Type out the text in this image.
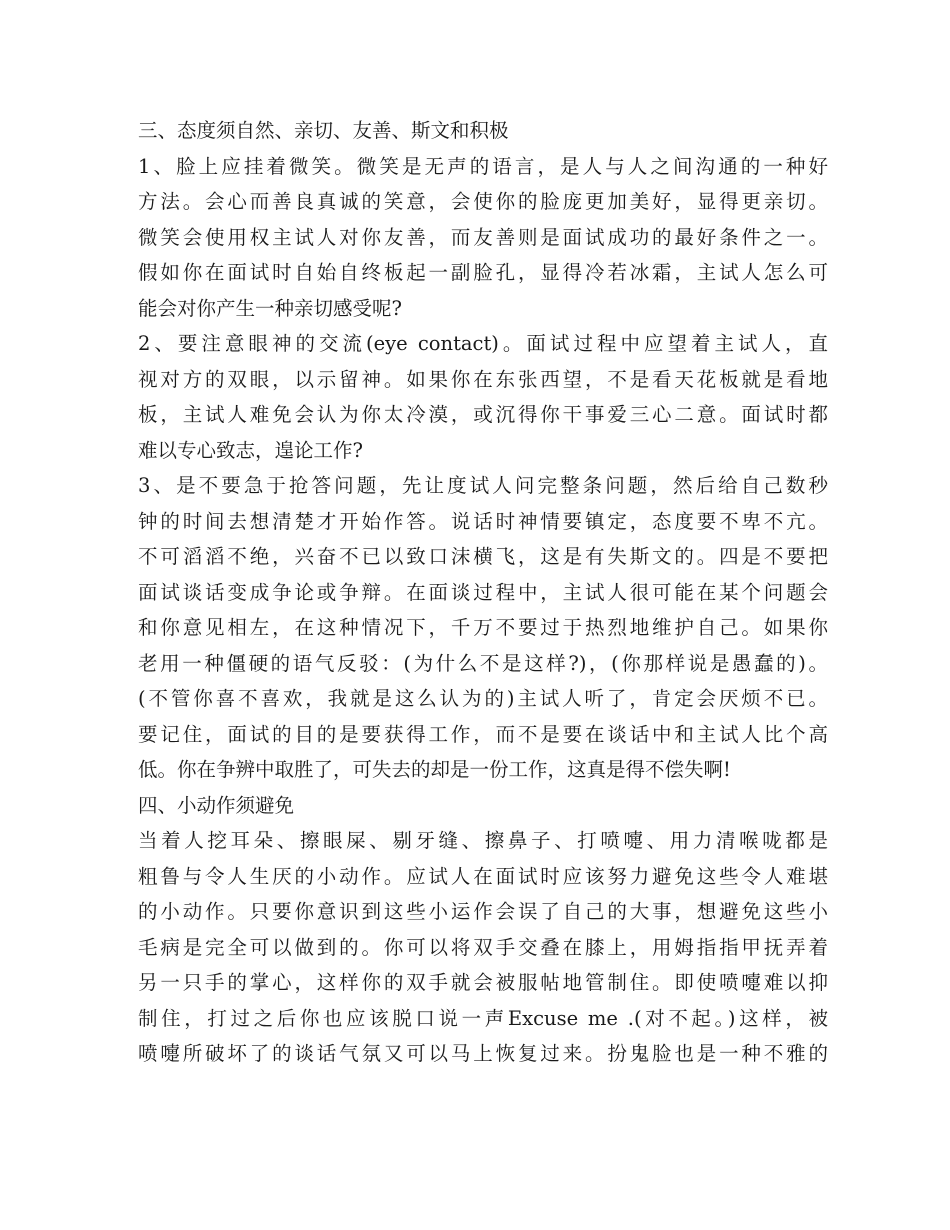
三、态度须自然、亲切、友善、斯文和积极
1、脸上应挂着微笑。微笑是无声的语言，是人与人之间沟通的一种好
方法。会心而善良真诚的笑意，会使你的脸庞更加美好，显得更亲切。
微笑会使用权主试人对你友善，而友善则是面试成功的最好条件之一。
假如你在面试时自始自终板起一副脸孔，显得冷若冰霜，主试人怎么可
能会对你产生一种亲切感受呢?
2、要注意眼神的交流(eye contact)。面试过程中应望着主试人，直
视对方的双眼，以示留神。如果你在东张西望，不是看天花板就是看地
板，主试人难免会认为你太冷漠，或沉得你干事爱三心二意。面试时都
难以专心致志，遑论工作?
3、是不要急于抢答问题，先让度试人问完整条问题，然后给自己数秒
钟的时间去想清楚才开始作答。说话时神情要镇定，态度要不卑不亢。
不可滔滔不绝，兴奋不已以致口沫横飞，这是有失斯文的。四是不要把
面试谈话变成争论或争辩。在面谈过程中，主试人很可能在某个问题会
和你意见相左，在这种情况下，千万不要过于热烈地维护自己。如果你
老用一种僵硬的语气反驳：(为什么不是这样?)，(你那样说是愚蠢的)。
(不管你喜不喜欢，我就是这么认为的)主试人听了，肯定会厌烦不已。
要记住，面试的目的是要获得工作，而不是要在谈话中和主试人比个高
低。你在争辨中取胜了，可失去的却是一份工作，这真是得不偿失啊!
四、小动作须避免
当着人挖耳朵、擦眼屎、剔牙缝、擦鼻子、打喷嚏、用力清喉咙都是
粗鲁与令人生厌的小动作。应试人在面试时应该努力避免这些令人难堪
的小动作。只要你意识到这些小运作会误了自己的大事，想避免这些小
毛病是完全可以做到的。你可以将双手交叠在膝上，用姆指指甲抚弄着
另一只手的掌心，这样你的双手就会被服帖地管制住。即使喷嚏难以抑
制住，打过之后你也应该脱口说一声Excuse me .(对不起。)这样，被
喷嚏所破坏了的谈话气氛又可以马上恢复过来。扮鬼脸也是一种不雅的
